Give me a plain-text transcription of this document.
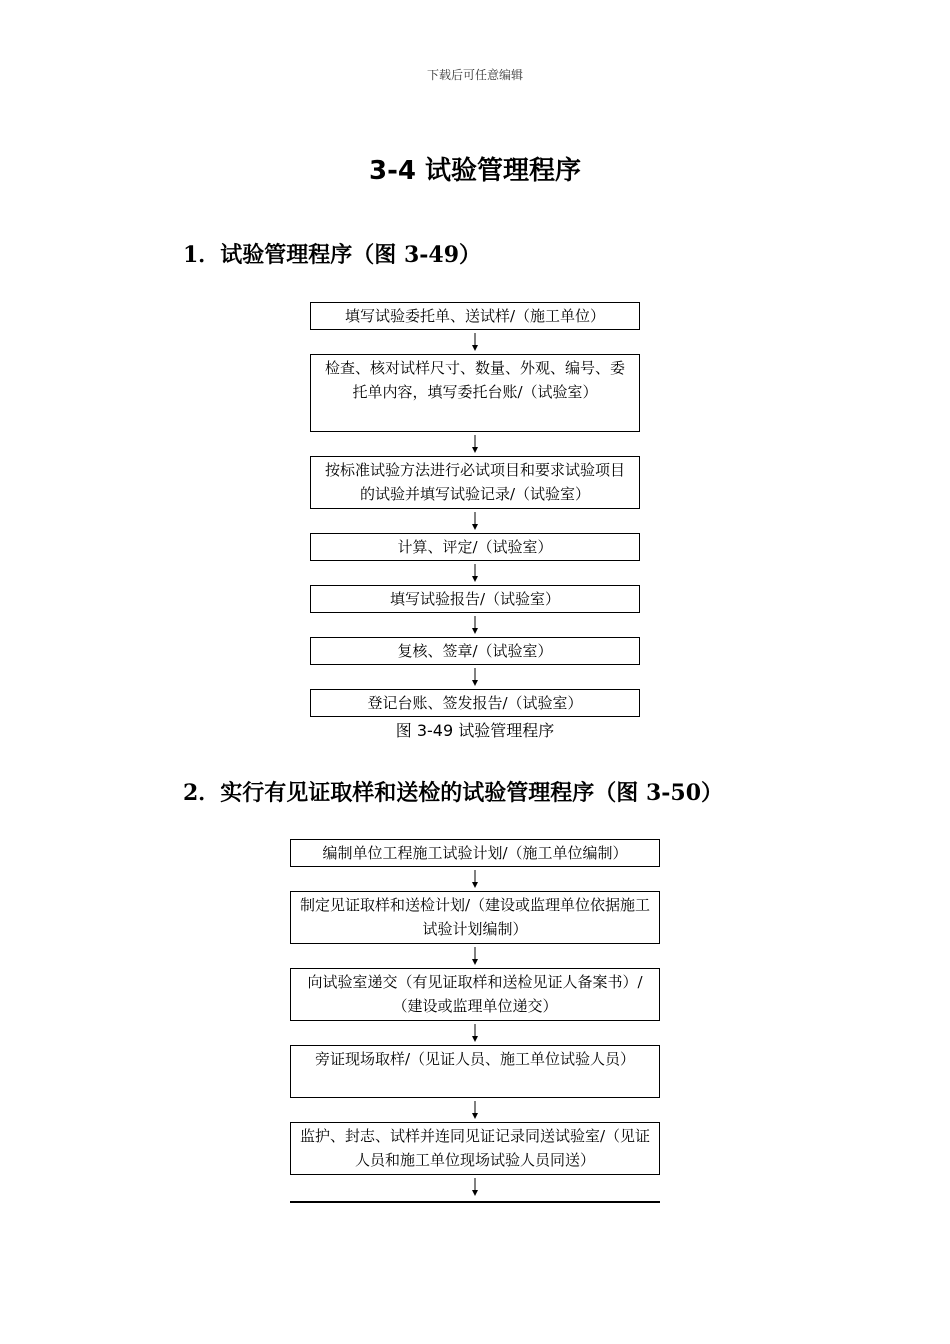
下载后可任意编辑
3-4 试验管理程序
1．试验管理程序（图 3-49）
填写试验委托单、送试样/（施工单位）
检查、核对试样尺寸、数量、外观、编号、委托单内容，填写委托台账/（试验室）
按标准试验方法进行必试项目和要求试验项目的试验并填写试验记录/（试验室）
计算、评定/（试验室）
填写试验报告/（试验室）
复核、签章/（试验室）
登记台账、签发报告/（试验室）
图 3-49 试验管理程序
2．实行有见证取样和送检的试验管理程序（图 3-50）
编制单位工程施工试验计划/（施工单位编制）
制定见证取样和送检计划/（建设或监理单位依据施工试验计划编制）
向试验室递交（有见证取样和送检见证人备案书）/（建设或监理单位递交）
旁证现场取样/（见证人员、施工单位试验人员）
监护、封志、试样并连同见证记录同送试验室/（见证人员和施工单位现场试验人员同送）
